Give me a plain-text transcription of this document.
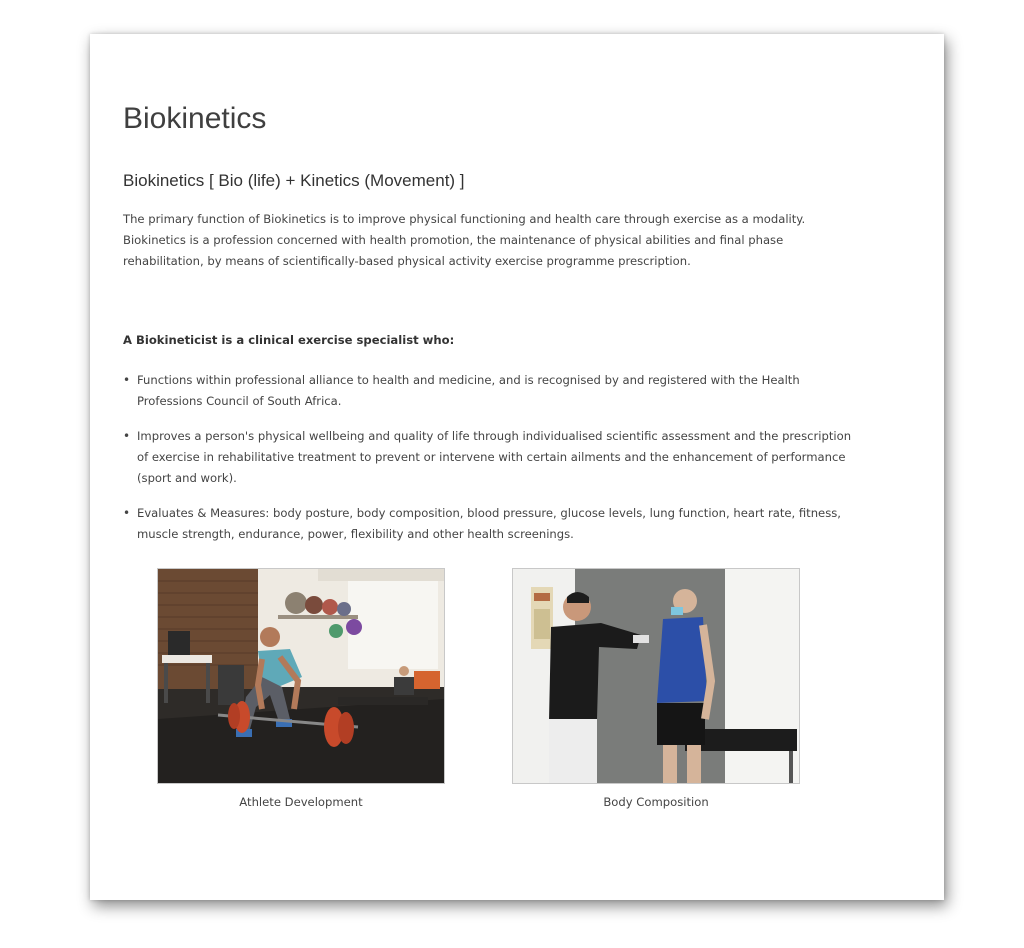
Biokinetics
Biokinetics [ Bio (life) + Kinetics (Movement) ]

The primary function of Biokinetics is to improve physical functioning and health care through exercise as a modality. Biokinetics is a profession concerned with health promotion, the maintenance of physical abilities and final phase rehabilitation, by means of scientifically-based physical activity exercise programme prescription.

A Biokineticist is a clinical exercise specialist who:

• Functions within professional alliance to health and medicine, and is recognised by and registered with the Health Professions Council of South Africa.
• Improves a person's physical wellbeing and quality of life through individualised scientific assessment and the prescription of exercise in rehabilitative treatment to prevent or intervene with certain ailments and the enhancement of performance (sport and work).
• Evaluates & Measures: body posture, body composition, blood pressure, glucose levels, lung function, heart rate, fitness, muscle strength, endurance, power, flexibility and other health screenings.
Athlete Development	Body Composition
